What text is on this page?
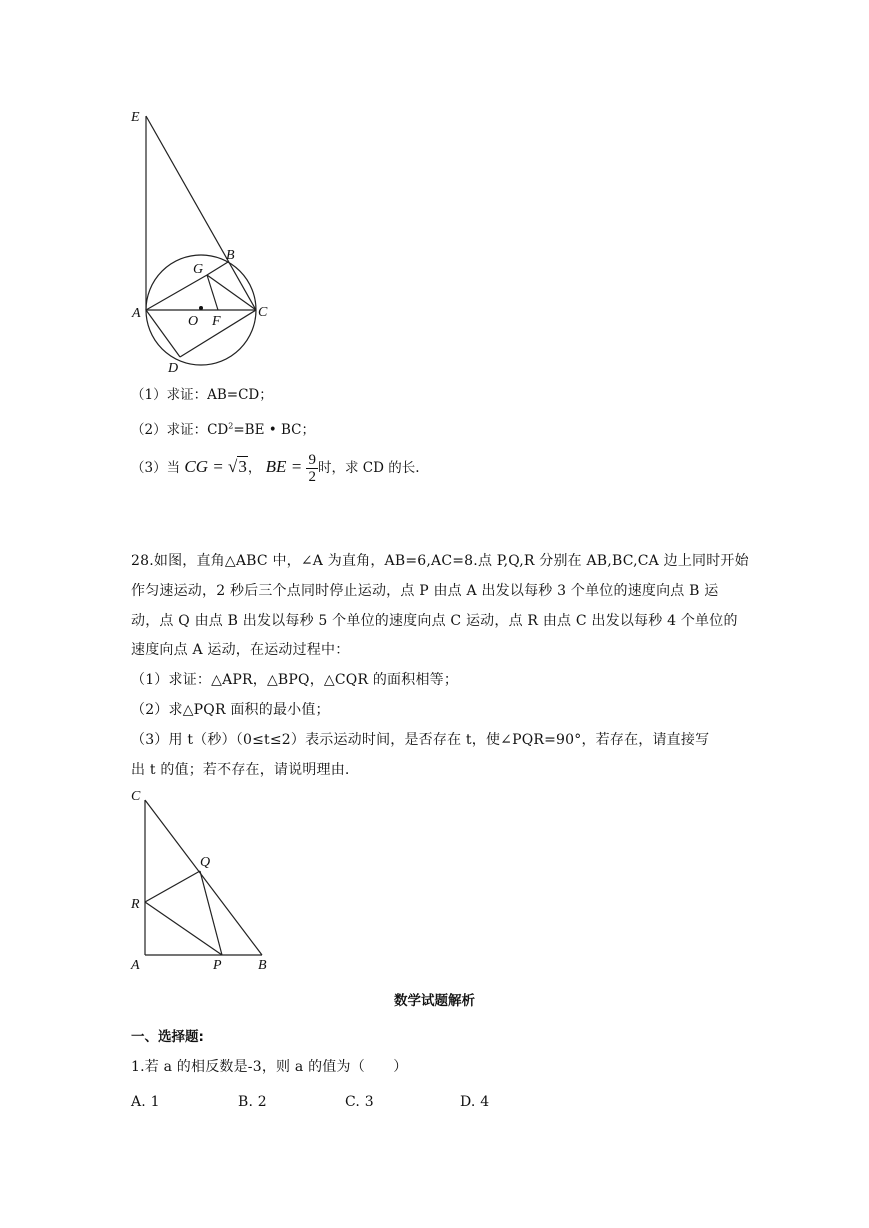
E
B
G
A
O F
C
D
（1）求证：AB=CD；
（2）求证：$CD^2=BE$ • BC；
（3）当 CG = √3， BE = $\frac{9}{2}$ 时，求 CD 的长.
28.如图，直角△ABC 中，∠A 为直角，AB=6,AC=8.点 P,Q,R 分别在 AB,BC,CA 边上同时开始
作匀速运动，2 秒后三个点同时停止运动，点 P 由点 A 出发以每秒 3 个单位的速度向点 B 运
动，点 Q 由点 B 出发以每秒 5 个单位的速度向点 C 运动，点 R 由点 C 出发以每秒 4 个单位的
速度向点 A 运动，在运动过程中：
（1）求证：△APR，△BPQ，△CQR 的面积相等；
（2）求△PQR 面积的最小值；
（3）用 t（秒）（0≤t≤2）表示运动时间，是否存在 t，使∠PQR=90°，若存在，请直接写
出 t 的值；若不存在，请说明理由.
C
Q
R
A	P	B
数学试题解析
一、选择题:
1.若 a 的相反数是-3，则 a 的值为（　　）
A. 1	B. 2	C. 3	D. 4
